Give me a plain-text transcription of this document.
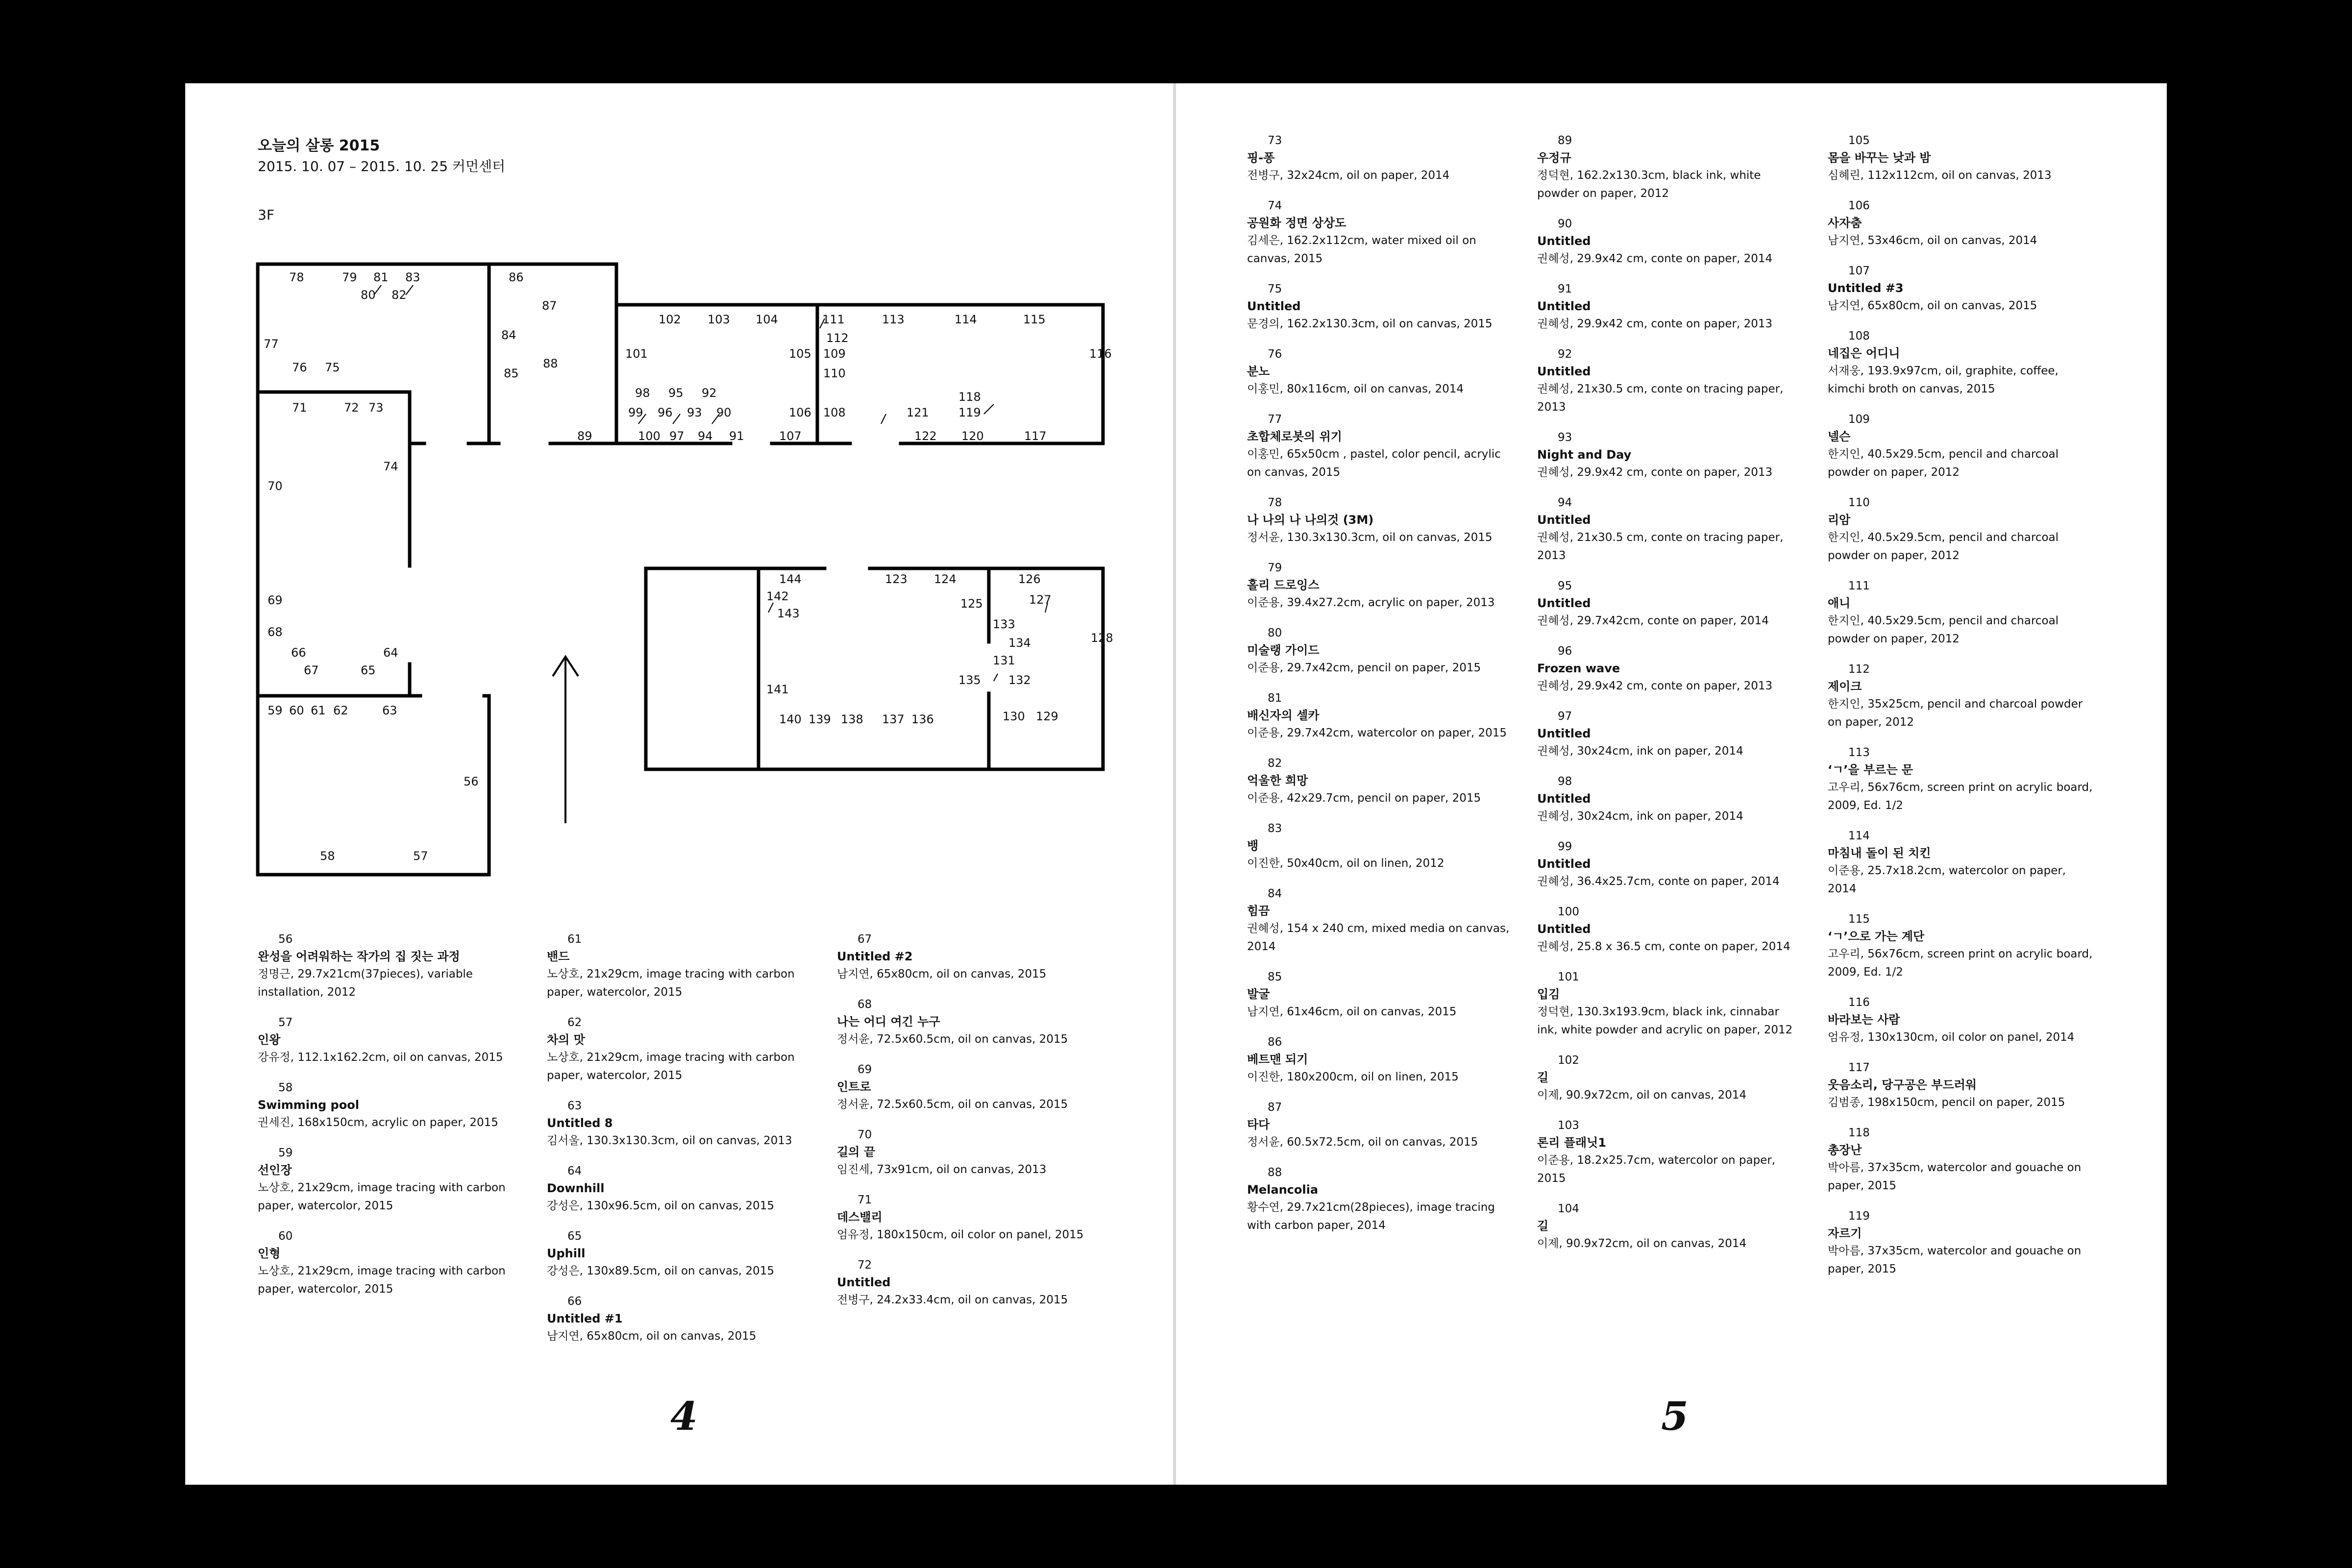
오늘의 살롱 2015
2015. 10. 07 – 2015. 10. 25 커먼센터
3F
78	79 81 83
80 82
86
87
84
77
76 75	85
88
102 103 104
101
98 95 92
99 96 93 90
89	100 97 94 91
111	113	114	115
112
105 109
110
116
106 108
107
121
118
119
122 120	117
71	72 73
70
74
69
68
66
67
64
65
59 60 61 62	63
56
58	57
144	123 124	126
142
143
125	127
141
133
134	128
131
135 132
140 139 138 137 136	130 129
56
완성을 어려워하는 작가의 집 짓는 과정
정명근, 29.7x21cm(37pieces), variable
installation, 2012
57
인왕
강유정, 112.1x162.2cm, oil on canvas, 2015
58
Swimming pool
권세진, 168x150cm, acrylic on paper, 2015
59
선인장
노상호, 21x29cm, image tracing with carbon
paper, watercolor, 2015
60
인형
노상호, 21x29cm, image tracing with carbon
paper, watercolor, 2015
61
밴드
노상호, 21x29cm, image tracing with carbon
paper, watercolor, 2015
62
차의 맛
노상호, 21x29cm, image tracing with carbon
paper, watercolor, 2015
63
Untitled 8
김서울, 130.3x130.3cm, oil on canvas, 2013
64
Downhill
강성은, 130x96.5cm, oil on canvas, 2015
65
Uphill
강성은, 130x89.5cm, oil on canvas, 2015
66
Untitled #1
남지연, 65x80cm, oil on canvas, 2015
67
Untitled #2
남지연, 65x80cm, oil on canvas, 2015
68
나는 어디 여긴 누구
정서윤, 72.5x60.5cm, oil on canvas, 2015
69
인트로
정서윤, 72.5x60.5cm, oil on canvas, 2015
70
길의 끝
임진세, 73x91cm, oil on canvas, 2013
71
데스밸리
엄유정, 180x150cm, oil color on panel, 2015
72
Untitled
전병구, 24.2x33.4cm, oil on canvas, 2015
4
73
핑-퐁
전병구, 32x24cm, oil on paper, 2014
74
공원화 정면 상상도
김세은, 162.2x112cm, water mixed oil on
canvas, 2015
75
Untitled
문경의, 162.2x130.3cm, oil on canvas, 2015
76
분노
이홍민, 80x116cm, oil on canvas, 2014
77
초합체로봇의 위기
이홍민, 65x50cm , pastel, color pencil, acrylic
on canvas, 2015
78
나 나의 나 나의것 (3M)
정서윤, 130.3x130.3cm, oil on canvas, 2015
79
홀리 드로잉스
이준용, 39.4x27.2cm, acrylic on paper, 2013
80
미술랭 가이드
이준용, 29.7x42cm, pencil on paper, 2015
81
배신자의 셀카
이준용, 29.7x42cm, watercolor on paper, 2015
82
억울한 희망
이준용, 42x29.7cm, pencil on paper, 2015
83
뱅
이진한, 50x40cm, oil on linen, 2012
84
힘끔
권혜성, 154 x 240 cm, mixed media on canvas,
2014
85
발굴
남지연, 61x46cm, oil on canvas, 2015
86
베트맨 되기
이진한, 180x200cm, oil on linen, 2015
87
타다
정서윤, 60.5x72.5cm, oil on canvas, 2015
88
Melancolia
황수연, 29.7x21cm(28pieces), image tracing
with carbon paper, 2014
89
우정규
정덕현, 162.2x130.3cm, black ink, white
powder on paper, 2012
90
Untitled
권혜성, 29.9x42 cm, conte on paper, 2014
91
Untitled
권혜성, 29.9x42 cm, conte on paper, 2013
92
Untitled
권혜성, 21x30.5 cm, conte on tracing paper,
2013
93
Night and Day
권혜성, 29.9x42 cm, conte on paper, 2013
94
Untitled
권혜성, 21x30.5 cm, conte on tracing paper,
2013
95
Untitled
권혜성, 29.7x42cm, conte on paper, 2014
96
Frozen wave
권혜성, 29.9x42 cm, conte on paper, 2013
97
Untitled
권혜성, 30x24cm, ink on paper, 2014
98
Untitled
권혜성, 30x24cm, ink on paper, 2014
99
Untitled
권혜성, 36.4x25.7cm, conte on paper, 2014
100
Untitled
권혜성, 25.8 x 36.5 cm, conte on paper, 2014
101
입김
정덕현, 130.3x193.9cm, black ink, cinnabar
ink, white powder and acrylic on paper, 2012
102
길
이제, 90.9x72cm, oil on canvas, 2014
103
론리 플래닛1
이준용, 18.2x25.7cm, watercolor on paper,
2015
104
길
이제, 90.9x72cm, oil on canvas, 2014
105
몸을 바꾸는 낮과 밤
심혜린, 112x112cm, oil on canvas, 2013
106
사자춤
남지연, 53x46cm, oil on canvas, 2014
107
Untitled #3
남지연, 65x80cm, oil on canvas, 2015
108
네집은 어디니
서재웅, 193.9x97cm, oil, graphite, coffee,
kimchi broth on canvas, 2015
109
넬슨
한지인, 40.5x29.5cm, pencil and charcoal
powder on paper, 2012
110
리암
한지인, 40.5x29.5cm, pencil and charcoal
powder on paper, 2012
111
애니
한지인, 40.5x29.5cm, pencil and charcoal
powder on paper, 2012
112
제이크
한지인, 35x25cm, pencil and charcoal powder
on paper, 2012
113
‘ㄱ’을 부르는 문
고우리, 56x76cm, screen print on acrylic board,
2009, Ed. 1/2
114
마침내 돌이 된 치킨
이준용, 25.7x18.2cm, watercolor on paper,
2014
115
‘ㄱ’으로 가는 계단
고우리, 56x76cm, screen print on acrylic board,
2009, Ed. 1/2
116
바라보는 사람
엄유정, 130x130cm, oil color on panel, 2014
117
웃음소리, 당구공은 부드러워
김범종, 198x150cm, pencil on paper, 2015
118
총장난
박아름, 37x35cm, watercolor and gouache on
paper, 2015
119
자르기
박아름, 37x35cm, watercolor and gouache on
paper, 2015
5
